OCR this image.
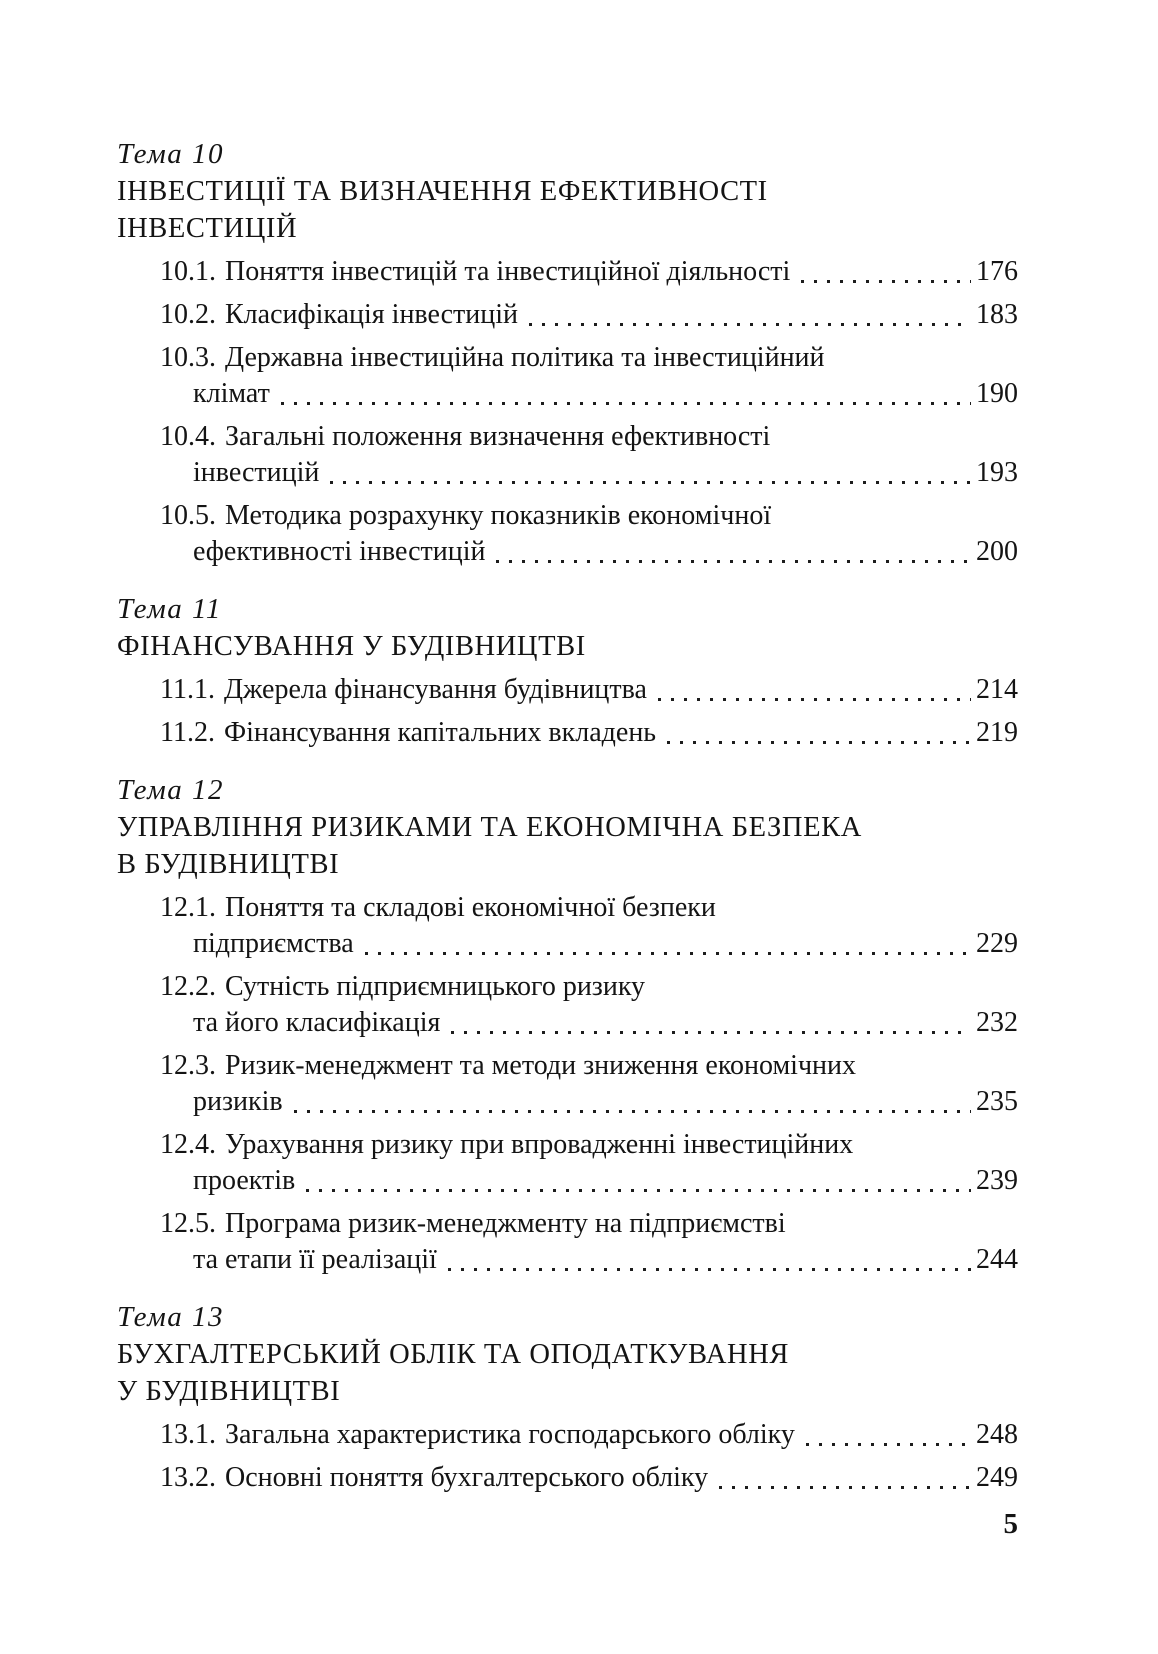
Тема 10
ІНВЕСТИЦІЇ ТА ВИЗНАЧЕННЯ ЕФЕКТИВНОСТІ
ІНВЕСТИЦІЙ
10.1. Поняття інвестицій та інвестиційної діяльності	176
10.2. Класифікація інвестицій	183
10.3. Державна інвестиційна політика та інвестиційний
клімат	190
10.4. Загальні положення визначення ефективності
інвестицій	193
10.5. Методика розрахунку показників економічної
ефективності інвестицій	200
Тема 11
ФІНАНСУВАННЯ У БУДІВНИЦТВІ
11.1. Джерела фінансування будівництва	214
11.2. Фінансування капітальних вкладень	219
Тема 12
УПРАВЛІННЯ РИЗИКАМИ ТА ЕКОНОМІЧНА БЕЗПЕКА
В БУДІВНИЦТВІ
12.1. Поняття та складові економічної безпеки
підприємства	229
12.2. Сутність підприємницького ризику
та його класифікація	232
12.3. Ризик-менеджмент та методи зниження економічних
ризиків	235
12.4. Урахування ризику при впровадженні інвестиційних
проектів	239
12.5. Програма ризик-менеджменту на підприємстві
та етапи її реалізації	244
Тема 13
БУХГАЛТЕРСЬКИЙ ОБЛІК ТА ОПОДАТКУВАННЯ
У БУДІВНИЦТВІ
13.1. Загальна характеристика господарського обліку	248
13.2. Основні поняття бухгалтерського обліку	249
5
